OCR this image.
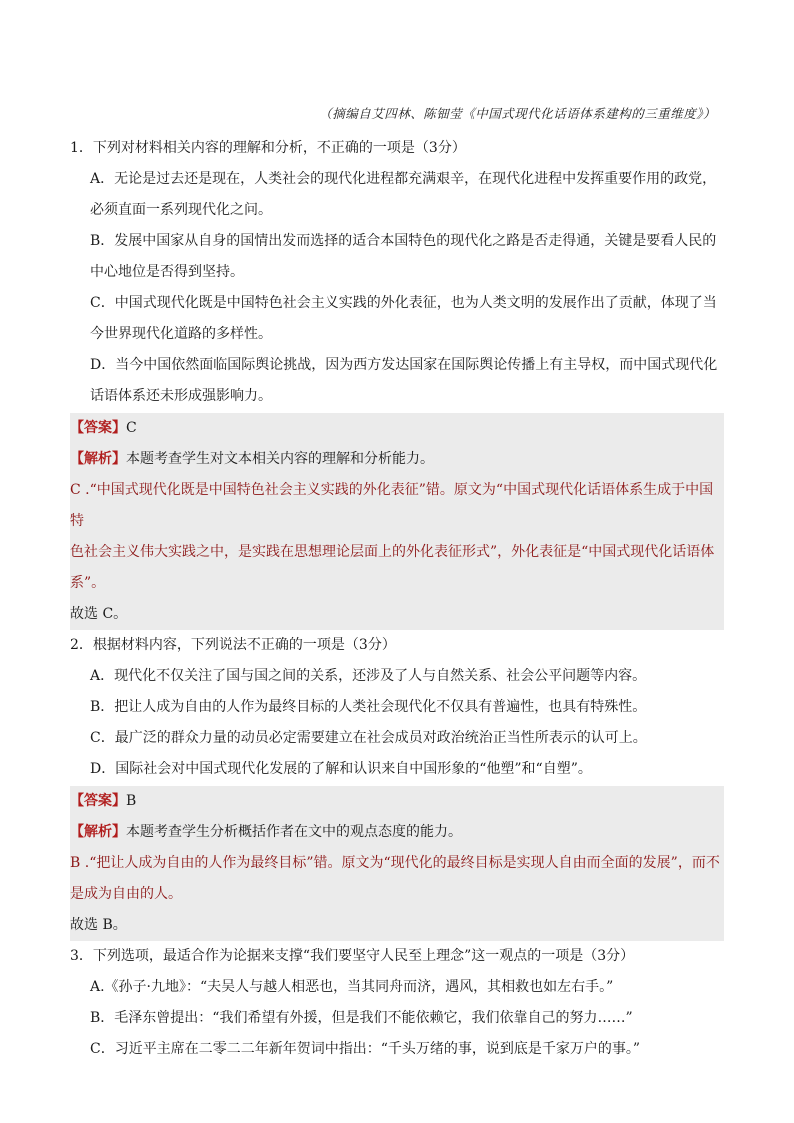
（摘编自艾四林、陈钿莹《中国式现代化话语体系建构的三重维度》）

1．下列对材料相关内容的理解和分析，不正确的一项是（3分）

A．无论是过去还是现在，人类社会的现代化进程都充满艰辛，在现代化进程中发挥重要作用的政党，

必须直面一系列现代化之问。

B．发展中国家从自身的国情出发而选择的适合本国特色的现代化之路是否走得通，关键是要看人民的

中心地位是否得到坚持。

C．中国式现代化既是中国特色社会主义实践的外化表征，也为人类文明的发展作出了贡献，体现了当

今世界现代化道路的多样性。

D．当今中国依然面临国际舆论挑战，因为西方发达国家在国际舆论传播上有主导权，而中国式现代化

话语体系还未形成强影响力。

【答案】C

【解析】本题考查学生对文本相关内容的理解和分析能力。

C .“中国式现代化既是中国特色社会主义实践的外化表征”错。原文为“中国式现代化话语体系生成于中国特

色社会主义伟大实践之中，是实践在思想理论层面上的外化表征形式”，外化表征是“中国式现代化话语体

系”。

故选 C。

2．根据材料内容，下列说法不正确的一项是（3分）

A．现代化不仅关注了国与国之间的关系，还涉及了人与自然关系、社会公平问题等内容。

B．把让人成为自由的人作为最终目标的人类社会现代化不仅具有普遍性，也具有特殊性。

C．最广泛的群众力量的动员必定需要建立在社会成员对政治统治正当性所表示的认可上。

D．国际社会对中国式现代化发展的了解和认识来自中国形象的“他塑”和“自塑”。

【答案】B

【解析】本题考查学生分析概括作者在文中的观点态度的能力。

B .“把让人成为自由的人作为最终目标”错。原文为“现代化的最终目标是实现人自由而全面的发展”，而不

是成为自由的人。

故选 B。

3．下列选项，最适合作为论据来支撑“我们要坚守人民至上理念”这一观点的一项是（3分）

A.《孙子·九地》：“夫吴人与越人相恶也，当其同舟而济，遇风，其相救也如左右手。”

B．毛泽东曾提出：“我们希望有外援，但是我们不能依赖它，我们依靠自己的努力……”

C．习近平主席在二零二二年新年贺词中指出：“千头万绪的事，说到底是千家万户的事。”
